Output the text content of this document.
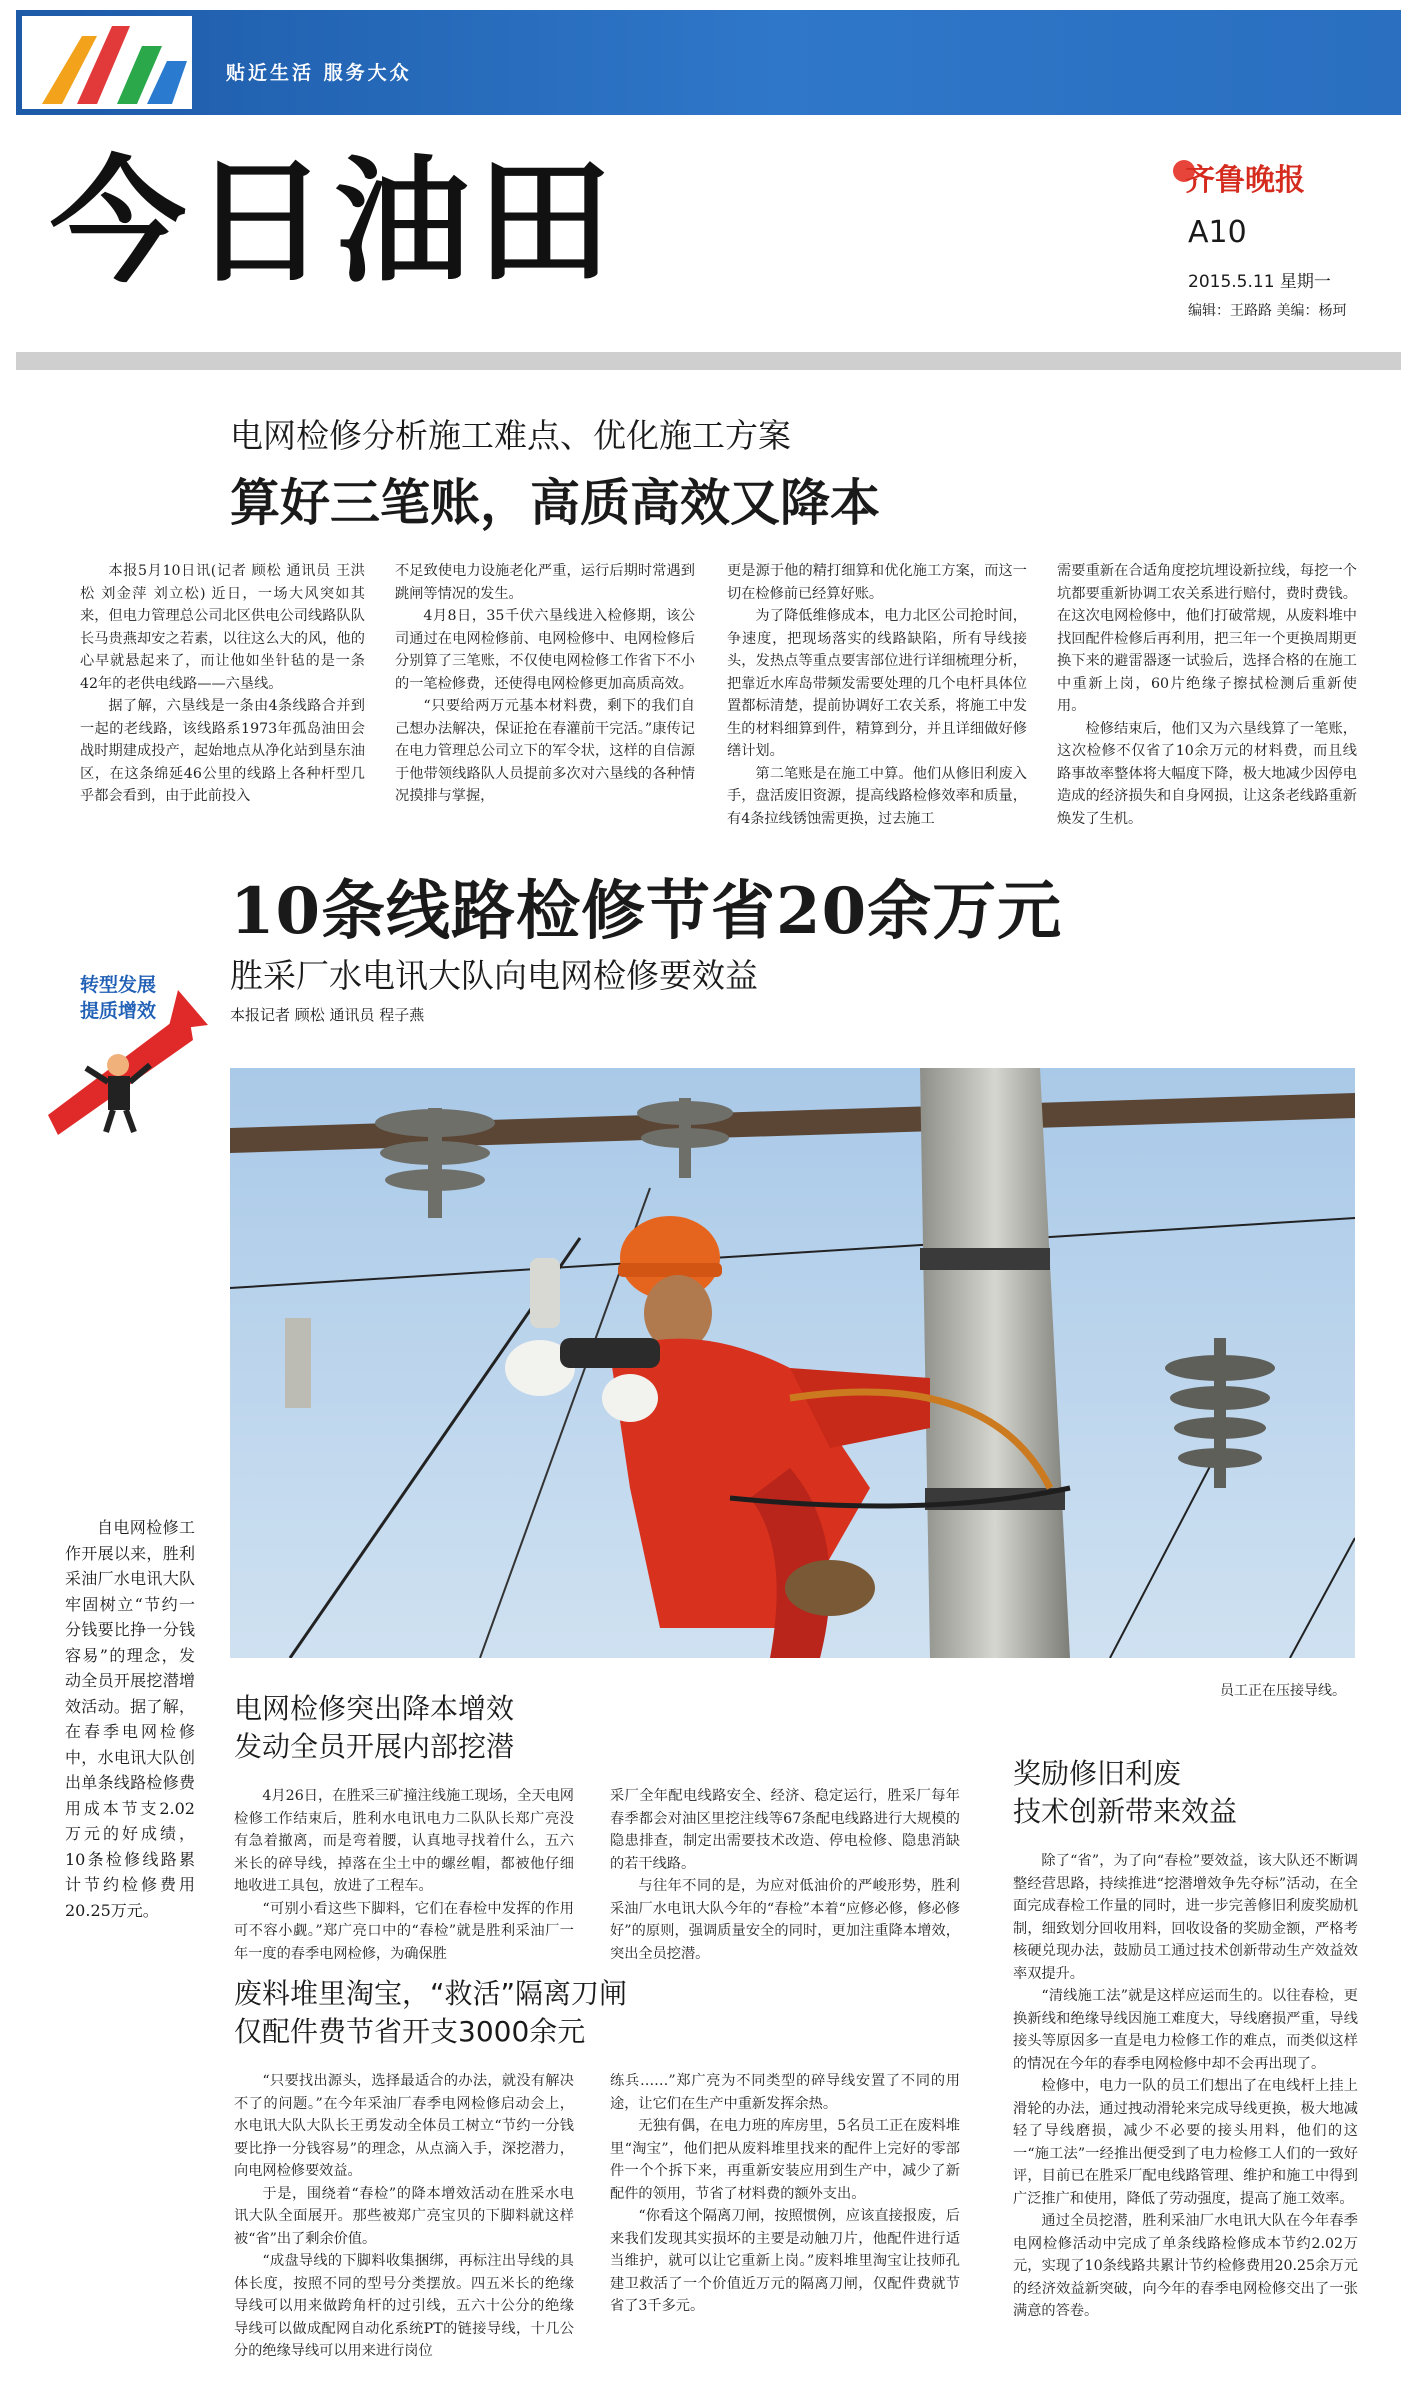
贴近生活 服务大众
今日油田	齐鲁晚报
A10
2015.5.11 星期一
编辑：王路路 美编：杨珂
电网检修分析施工难点、优化施工方案
算好三笔账，高质高效又降本

本报5月10日讯(记者 顾松 通讯员 王洪松 刘金萍 刘立松) 近日，一场大风突如其来，但电力管理总公司北区供电公司线路队队长马贵燕却安之若素，以往这么大的风，他的心早就悬起来了，而让他如坐针毡的是一条42年的老供电线路——六垦线。

据了解，六垦线是一条由4条线路合并到一起的老线路，该线路系1973年孤岛油田会战时期建成投产，起始地点从净化站到垦东油区，在这条绵延46公里的线路上各种杆型几乎都会看到，由于此前投入

不足致使电力设施老化严重，运行后期时常遇到跳闸等情况的发生。

4月8日，35千伏六垦线进入检修期，该公司通过在电网检修前、电网检修中、电网检修后分别算了三笔账，不仅使电网检修工作省下不小的一笔检修费，还使得电网检修更加高质高效。

“只要给两万元基本材料费，剩下的我们自己想办法解决，保证抢在春灌前干完活。”康传记在电力管理总公司立下的军令状，这样的自信源于他带领线路队人员提前多次对六垦线的各种情况摸排与掌握，

更是源于他的精打细算和优化施工方案，而这一切在检修前已经算好账。

为了降低维修成本，电力北区公司抢时间，争速度，把现场落实的线路缺陷，所有导线接头，发热点等重点要害部位进行详细梳理分析，把靠近水库岛带频发需要处理的几个电杆具体位置都标清楚，提前协调好工农关系，将施工中发生的材料细算到件，精算到分，并且详细做好修缮计划。

第二笔账是在施工中算。他们从修旧利废入手，盘活废旧资源，提高线路检修效率和质量，有4条拉线锈蚀需更换，过去施工

需要重新在合适角度挖坑埋设新拉线，每挖一个坑都要重新协调工农关系进行赔付，费时费钱。在这次电网检修中，他们打破常规，从废料堆中找回配件检修后再利用，把三年一个更换周期更换下来的避雷器逐一试验后，选择合格的在施工中重新上岗，60片绝缘子擦拭检测后重新使用。

检修结束后，他们又为六垦线算了一笔账，这次检修不仅省了10余万元的材料费，而且线路事故率整体将大幅度下降，极大地减少因停电造成的经济损失和自身网损，让这条老线路重新焕发了生机。

10条线路检修节省20余万元
胜采厂水电讯大队向电网检修要效益
本报记者 顾松 通讯员 程子燕
转型发展
提质增效
员工正在压接导线。
自电网检修工作开展以来，胜利采油厂水电讯大队牢固树立“节约一分钱要比挣一分钱容易”的理念，发动全员开展挖潜增效活动。据了解，在春季电网检修中，水电讯大队创出单条线路检修费用成本节支2.02万元的好成绩，10条检修线路累计节约检修费用20.25万元。
电网检修突出降本增效
发动全员开展内部挖潜

4月26日，在胜采三矿撞注线施工现场，全天电网检修工作结束后，胜利水电讯电力二队队长郑广亮没有急着撤离，而是弯着腰，认真地寻找着什么，五六米长的碎导线，掉落在尘土中的螺丝帽，都被他仔细地收进工具包，放进了工程车。

“可别小看这些下脚料，它们在春检中发挥的作用可不容小觑。”郑广亮口中的“春检”就是胜利采油厂一年一度的春季电网检修，为确保胜

采厂全年配电线路安全、经济、稳定运行，胜采厂每年春季都会对油区里挖注线等67条配电线路进行大规模的隐患排查，制定出需要技术改造、停电检修、隐患消缺的若干线路。

与往年不同的是，为应对低油价的严峻形势，胜利采油厂水电讯大队今年的“春检”本着“应修必修，修必修好”的原则，强调质量安全的同时，更加注重降本增效，突出全员挖潜。

废料堆里淘宝，“救活”隔离刀闸
仅配件费节省开支3000余元

“只要找出源头，选择最适合的办法，就没有解决不了的问题。”在今年采油厂春季电网检修启动会上，水电讯大队大队长王勇发动全体员工树立“节约一分钱要比挣一分钱容易”的理念，从点滴入手，深挖潜力，向电网检修要效益。

于是，围绕着“春检”的降本增效活动在胜采水电讯大队全面展开。那些被郑广亮宝贝的下脚料就这样被“省”出了剩余价值。

“成盘导线的下脚料收集捆绑，再标注出导线的具体长度，按照不同的型号分类摆放。四五米长的绝缘导线可以用来做跨角杆的过引线，五六十公分的绝缘导线可以做成配网自动化系统PT的链接导线，十几公分的绝缘导线可以用来进行岗位

练兵……”郑广亮为不同类型的碎导线安置了不同的用途，让它们在生产中重新发挥余热。

无独有偶，在电力班的库房里，5名员工正在废料堆里“淘宝”，他们把从废料堆里找来的配件上完好的零部件一个个拆下来，再重新安装应用到生产中，减少了新配件的领用，节省了材料费的额外支出。

“你看这个隔离刀闸，按照惯例，应该直接报废，后来我们发现其实损坏的主要是动触刀片，他配件进行适当维护，就可以让它重新上岗。”废料堆里淘宝让技师孔建卫救活了一个价值近万元的隔离刀闸，仅配件费就节省了3千多元。

奖励修旧利废
技术创新带来效益

除了“省”，为了向“春检”要效益，该大队还不断调整经营思路，持续推进“挖潜增效争先夺标”活动，在全面完成春检工作量的同时，进一步完善修旧利废奖励机制，细致划分回收用料，回收设备的奖励金额，严格考核硬兑现办法，鼓励员工通过技术创新带动生产效益效率双提升。

“清线施工法”就是这样应运而生的。以往春检，更换新线和绝缘导线因施工难度大，导线磨损严重，导线接头等原因多一直是电力检修工作的难点，而类似这样的情况在今年的春季电网检修中却不会再出现了。

检修中，电力一队的员工们想出了在电线杆上挂上滑轮的办法，通过拽动滑轮来完成导线更换，极大地减轻了导线磨损，减少不必要的接头用料，他们的这一“施工法”一经推出便受到了电力检修工人们的一致好评，目前已在胜采厂配电线路管理、维护和施工中得到广泛推广和使用，降低了劳动强度，提高了施工效率。

通过全员挖潜，胜利采油厂水电讯大队在今年春季电网检修活动中完成了单条线路检修成本节约2.02万元，实现了10条线路共累计节约检修费用20.25余万元的经济效益新突破，向今年的春季电网检修交出了一张满意的答卷。
